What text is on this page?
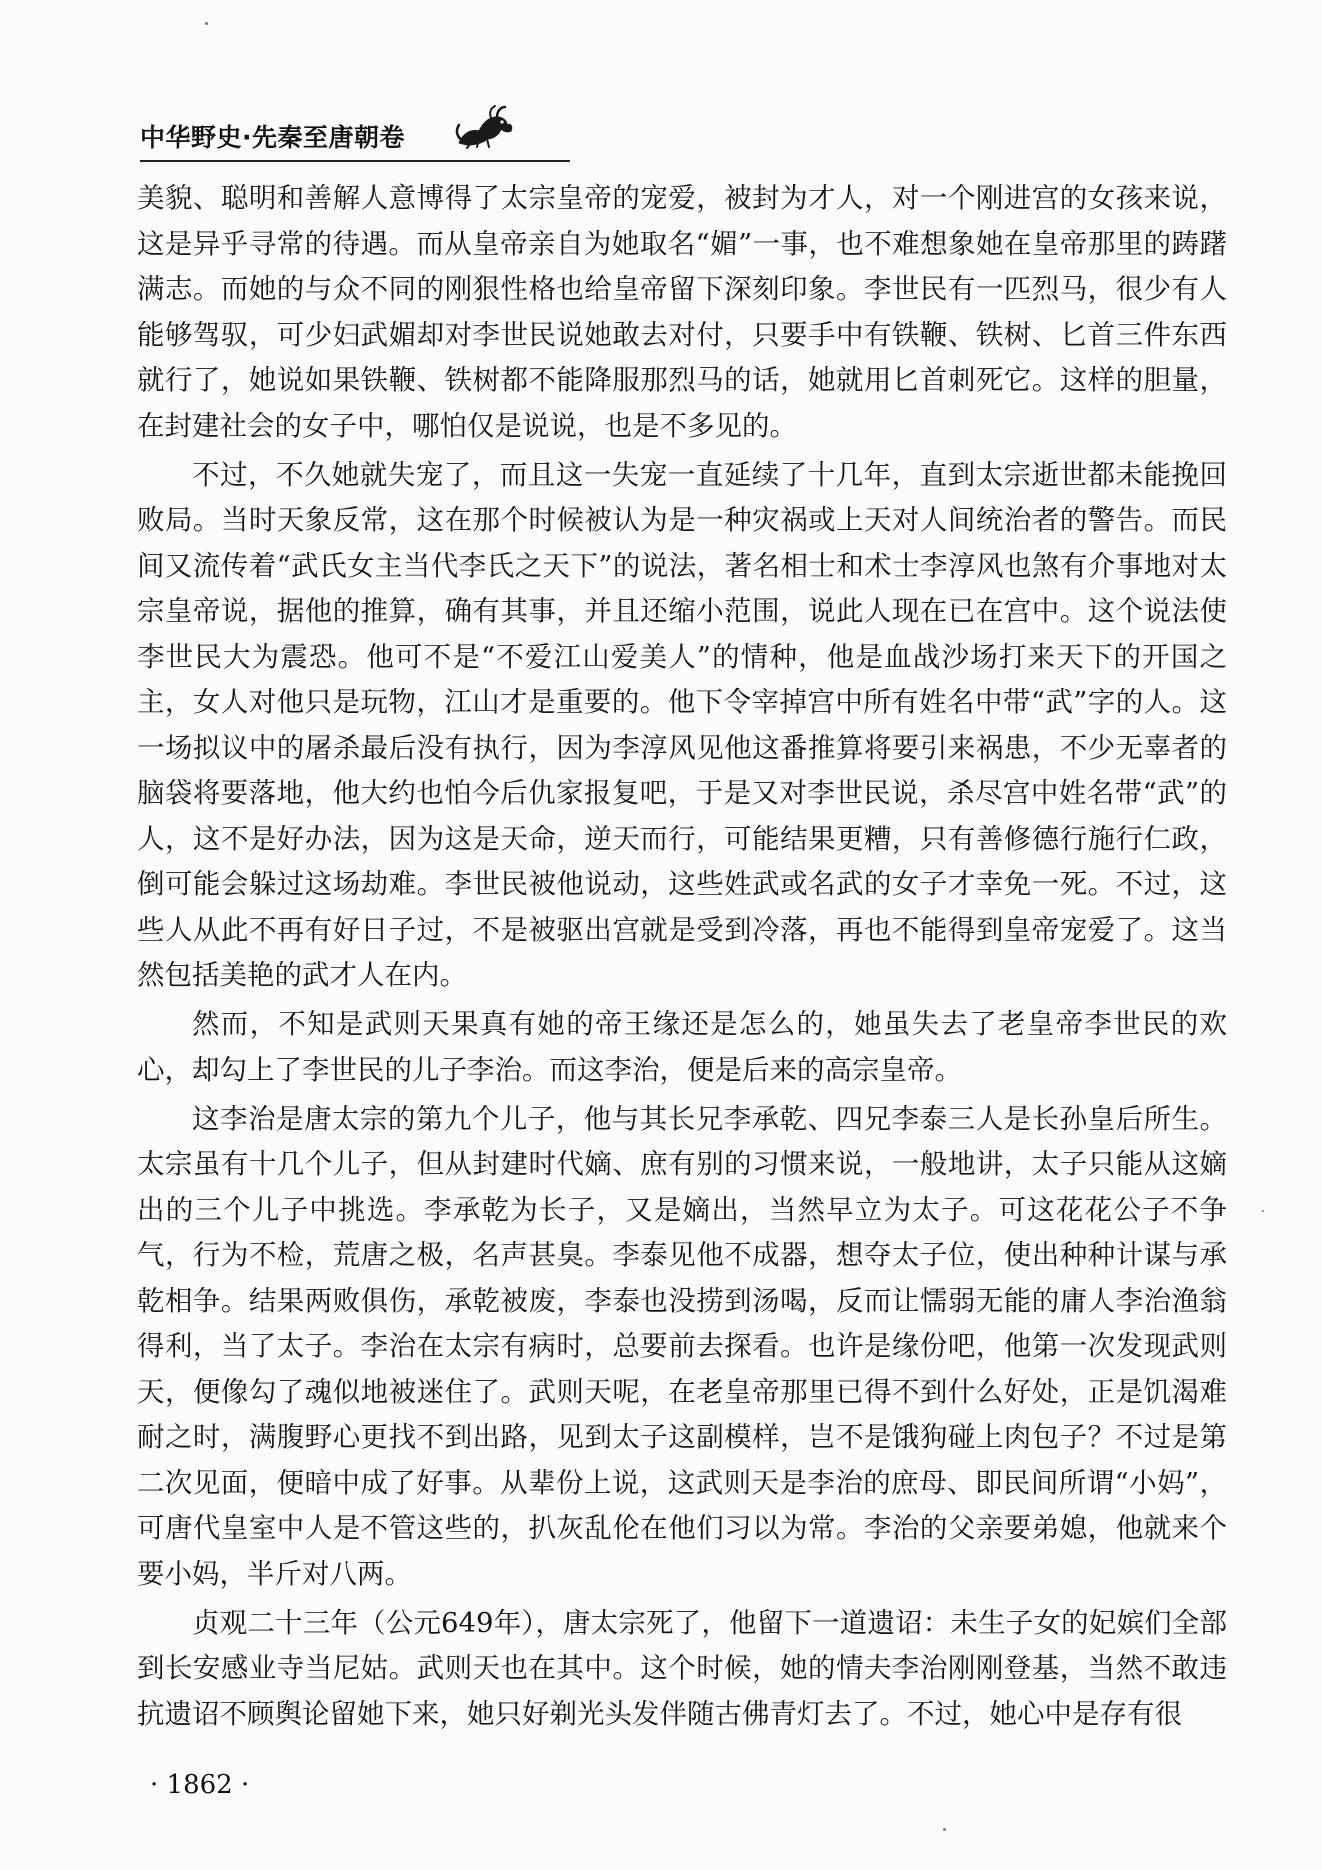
中华野史·先秦至唐朝卷

美貌、聪明和善解人意博得了太宗皇帝的宠爱，被封为才人，对一个刚进宫的女孩来说，这是异乎寻常的待遇。而从皇帝亲自为她取名“媚”一事，也不难想象她在皇帝那里的踌躇满志。而她的与众不同的刚狠性格也给皇帝留下深刻印象。李世民有一匹烈马，很少有人能够驾驭，可少妇武媚却对李世民说她敢去对付，只要手中有铁鞭、铁树、匕首三件东西就行了，她说如果铁鞭、铁树都不能降服那烈马的话，她就用匕首刺死它。这样的胆量，在封建社会的女子中，哪怕仅是说说，也是不多见的。

不过，不久她就失宠了，而且这一失宠一直延续了十几年，直到太宗逝世都未能挽回败局。当时天象反常，这在那个时候被认为是一种灾祸或上天对人间统治者的警告。而民间又流传着“武氏女主当代李氏之天下”的说法，著名相士和术士李淳风也煞有介事地对太宗皇帝说，据他的推算，确有其事，并且还缩小范围，说此人现在已在宫中。这个说法使李世民大为震恐。他可不是“不爱江山爱美人”的情种，他是血战沙场打来天下的开国之主，女人对他只是玩物，江山才是重要的。他下令宰掉宫中所有姓名中带“武”字的人。这一场拟议中的屠杀最后没有执行，因为李淳风见他这番推算将要引来祸患，不少无辜者的脑袋将要落地，他大约也怕今后仇家报复吧，于是又对李世民说，杀尽宫中姓名带“武”的人，这不是好办法，因为这是天命，逆天而行，可能结果更糟，只有善修德行施行仁政，倒可能会躲过这场劫难。李世民被他说动，这些姓武或名武的女子才幸免一死。不过，这些人从此不再有好日子过，不是被驱出宫就是受到冷落，再也不能得到皇帝宠爱了。这当然包括美艳的武才人在内。

然而，不知是武则天果真有她的帝王缘还是怎么的，她虽失去了老皇帝李世民的欢心，却勾上了李世民的儿子李治。而这李治，便是后来的高宗皇帝。

这李治是唐太宗的第九个儿子，他与其长兄李承乾、四兄李泰三人是长孙皇后所生。太宗虽有十几个儿子，但从封建时代嫡、庶有别的习惯来说，一般地讲，太子只能从这嫡出的三个儿子中挑选。李承乾为长子，又是嫡出，当然早立为太子。可这花花公子不争气，行为不检，荒唐之极，名声甚臭。李泰见他不成器，想夺太子位，使出种种计谋与承乾相争。结果两败俱伤，承乾被废，李泰也没捞到汤喝，反而让懦弱无能的庸人李治渔翁得利，当了太子。李治在太宗有病时，总要前去探看。也许是缘份吧，他第一次发现武则天，便像勾了魂似地被迷住了。武则天呢，在老皇帝那里已得不到什么好处，正是饥渴难耐之时，满腹野心更找不到出路，见到太子这副模样，岂不是饿狗碰上肉包子？不过是第二次见面，便暗中成了好事。从辈份上说，这武则天是李治的庶母、即民间所谓“小妈”，可唐代皇室中人是不管这些的，扒灰乱伦在他们习以为常。李治的父亲要弟媳，他就来个要小妈，半斤对八两。

贞观二十三年（公元649年），唐太宗死了，他留下一道遗诏：未生子女的妃嫔们全部到长安感业寺当尼姑。武则天也在其中。这个时候，她的情夫李治刚刚登基，当然不敢违抗遗诏不顾舆论留她下来，她只好剃光头发伴随古佛青灯去了。不过，她心中是存有很

· 1862 ·
